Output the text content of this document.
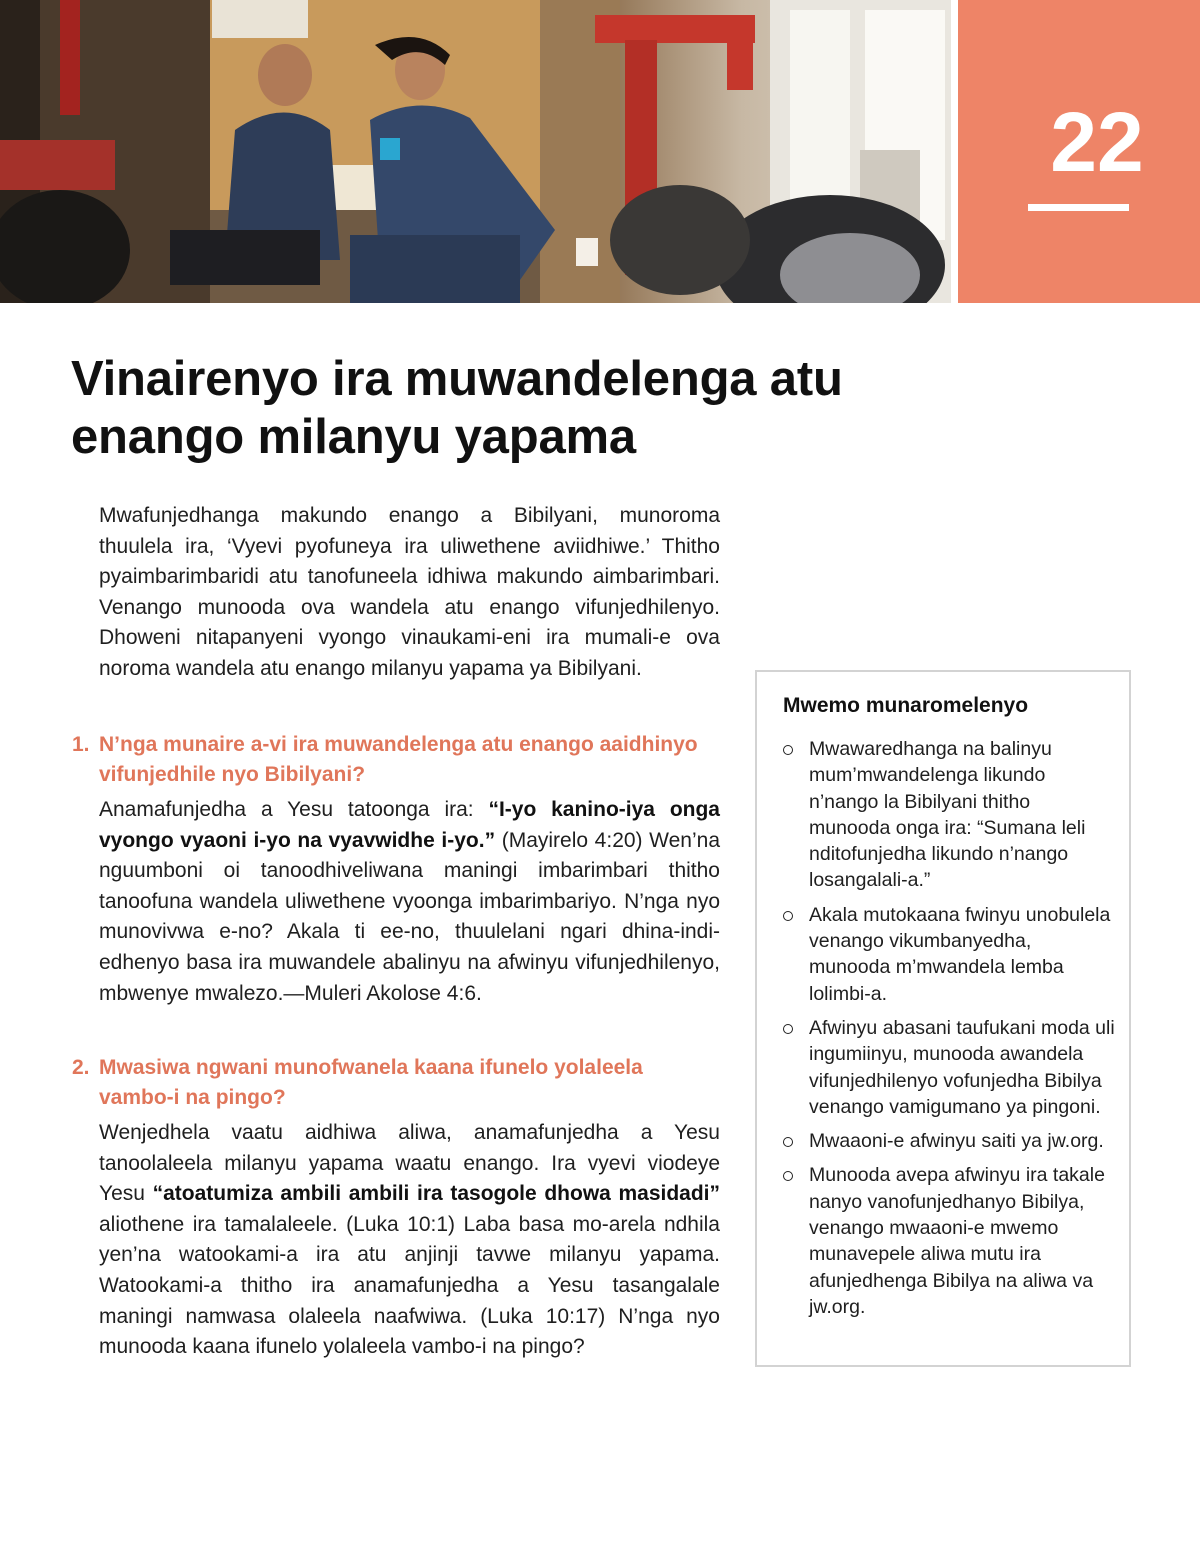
22
Vinairenyo ira muwandelenga atu enango milanyu yapama

Mwafunjedhanga makundo enango a Bibilyani, munoroma thuulela ira, ‘Vyevi pyofuneya ira uliwethene aviidhiwe.’ Thitho pyaimbarimbaridi atu tanofuneela idhiwa makundo aimbarimbari. Venango munooda ova wandela atu enango vifunjedhilenyo. Dhoweni nitapanyeni vyongo vinaukami-eni ira mumali-e ova noroma wandela atu enango milanyu yapama ya Bibilyani.

1. N’nga munaire a-vi ira muwandelenga atu enango aaidhinyo vifunjedhile nyo Bibilyani?

Anamafunjedha a Yesu tatoonga ira: “I-yo kanino-iya onga vyongo vyaoni i-yo na vyavwidhe i-yo.” (Mayirelo 4:20) Wen’na nguumboni oi tanoodhiveliwana maningi imbarimbari thitho tanoofuna wandela uliwethene vyoonga imbarimbariyo. N’nga nyo munovivwa e-no? Akala ti ee-no, thuulelani ngari dhina-indi-edhenyo basa ira muwandele abalinyu na afwinyu vifunjedhilenyo, mbwenye mwalezo.—Muleri Akolose 4:6.

2. Mwasiwa ngwani munofwanela kaana ifunelo yolaleela vambo-i na pingo?

Wenjedhela vaatu aidhiwa aliwa, anamafunjedha a Yesu tanoolaleela milanyu yapama waatu enango. Ira vyevi viodeye Yesu “atoatumiza ambili ambili ira tasogole dhowa masidadi” aliothene ira tamalaleele. (Luka 10:1) Laba basa mo-arela ndhila yen’na watookami-a ira atu anjinji tavwe milanyu yapama. Watookami-a thitho ira anamafunjedha a Yesu tasangalale maningi namwasa olaleela naafwiwa. (Luka 10:17) N’nga nyo munooda kaana ifunelo yolaleela vambo-i na pingo?

Mwemo munaromelenyo
Mwawaredhanga na balinyu mum’mwandelenga likundo n’nango la Bibilyani thitho munooda onga ira: “Sumana leli nditofunjedha likundo n’nango losangalali-a.”
Akala mutokaana fwinyu unobulela venango vikumbanyedha, munooda m’mwandela lemba lolimbi-a.
Afwinyu abasani taufukani moda uli ingumiinyu, munooda awandela vifunjedhilenyo vofunjedha Bibilya venango vamigumano ya pingoni.
Mwaaoni-e afwinyu saiti ya jw.org.
Munooda avepa afwinyu ira takale nanyo vanofunjedhanyo Bibilya, venango mwaaoni-e mwemo munavepele aliwa mutu ira afunjedhenga Bibilya na aliwa va jw.org.
